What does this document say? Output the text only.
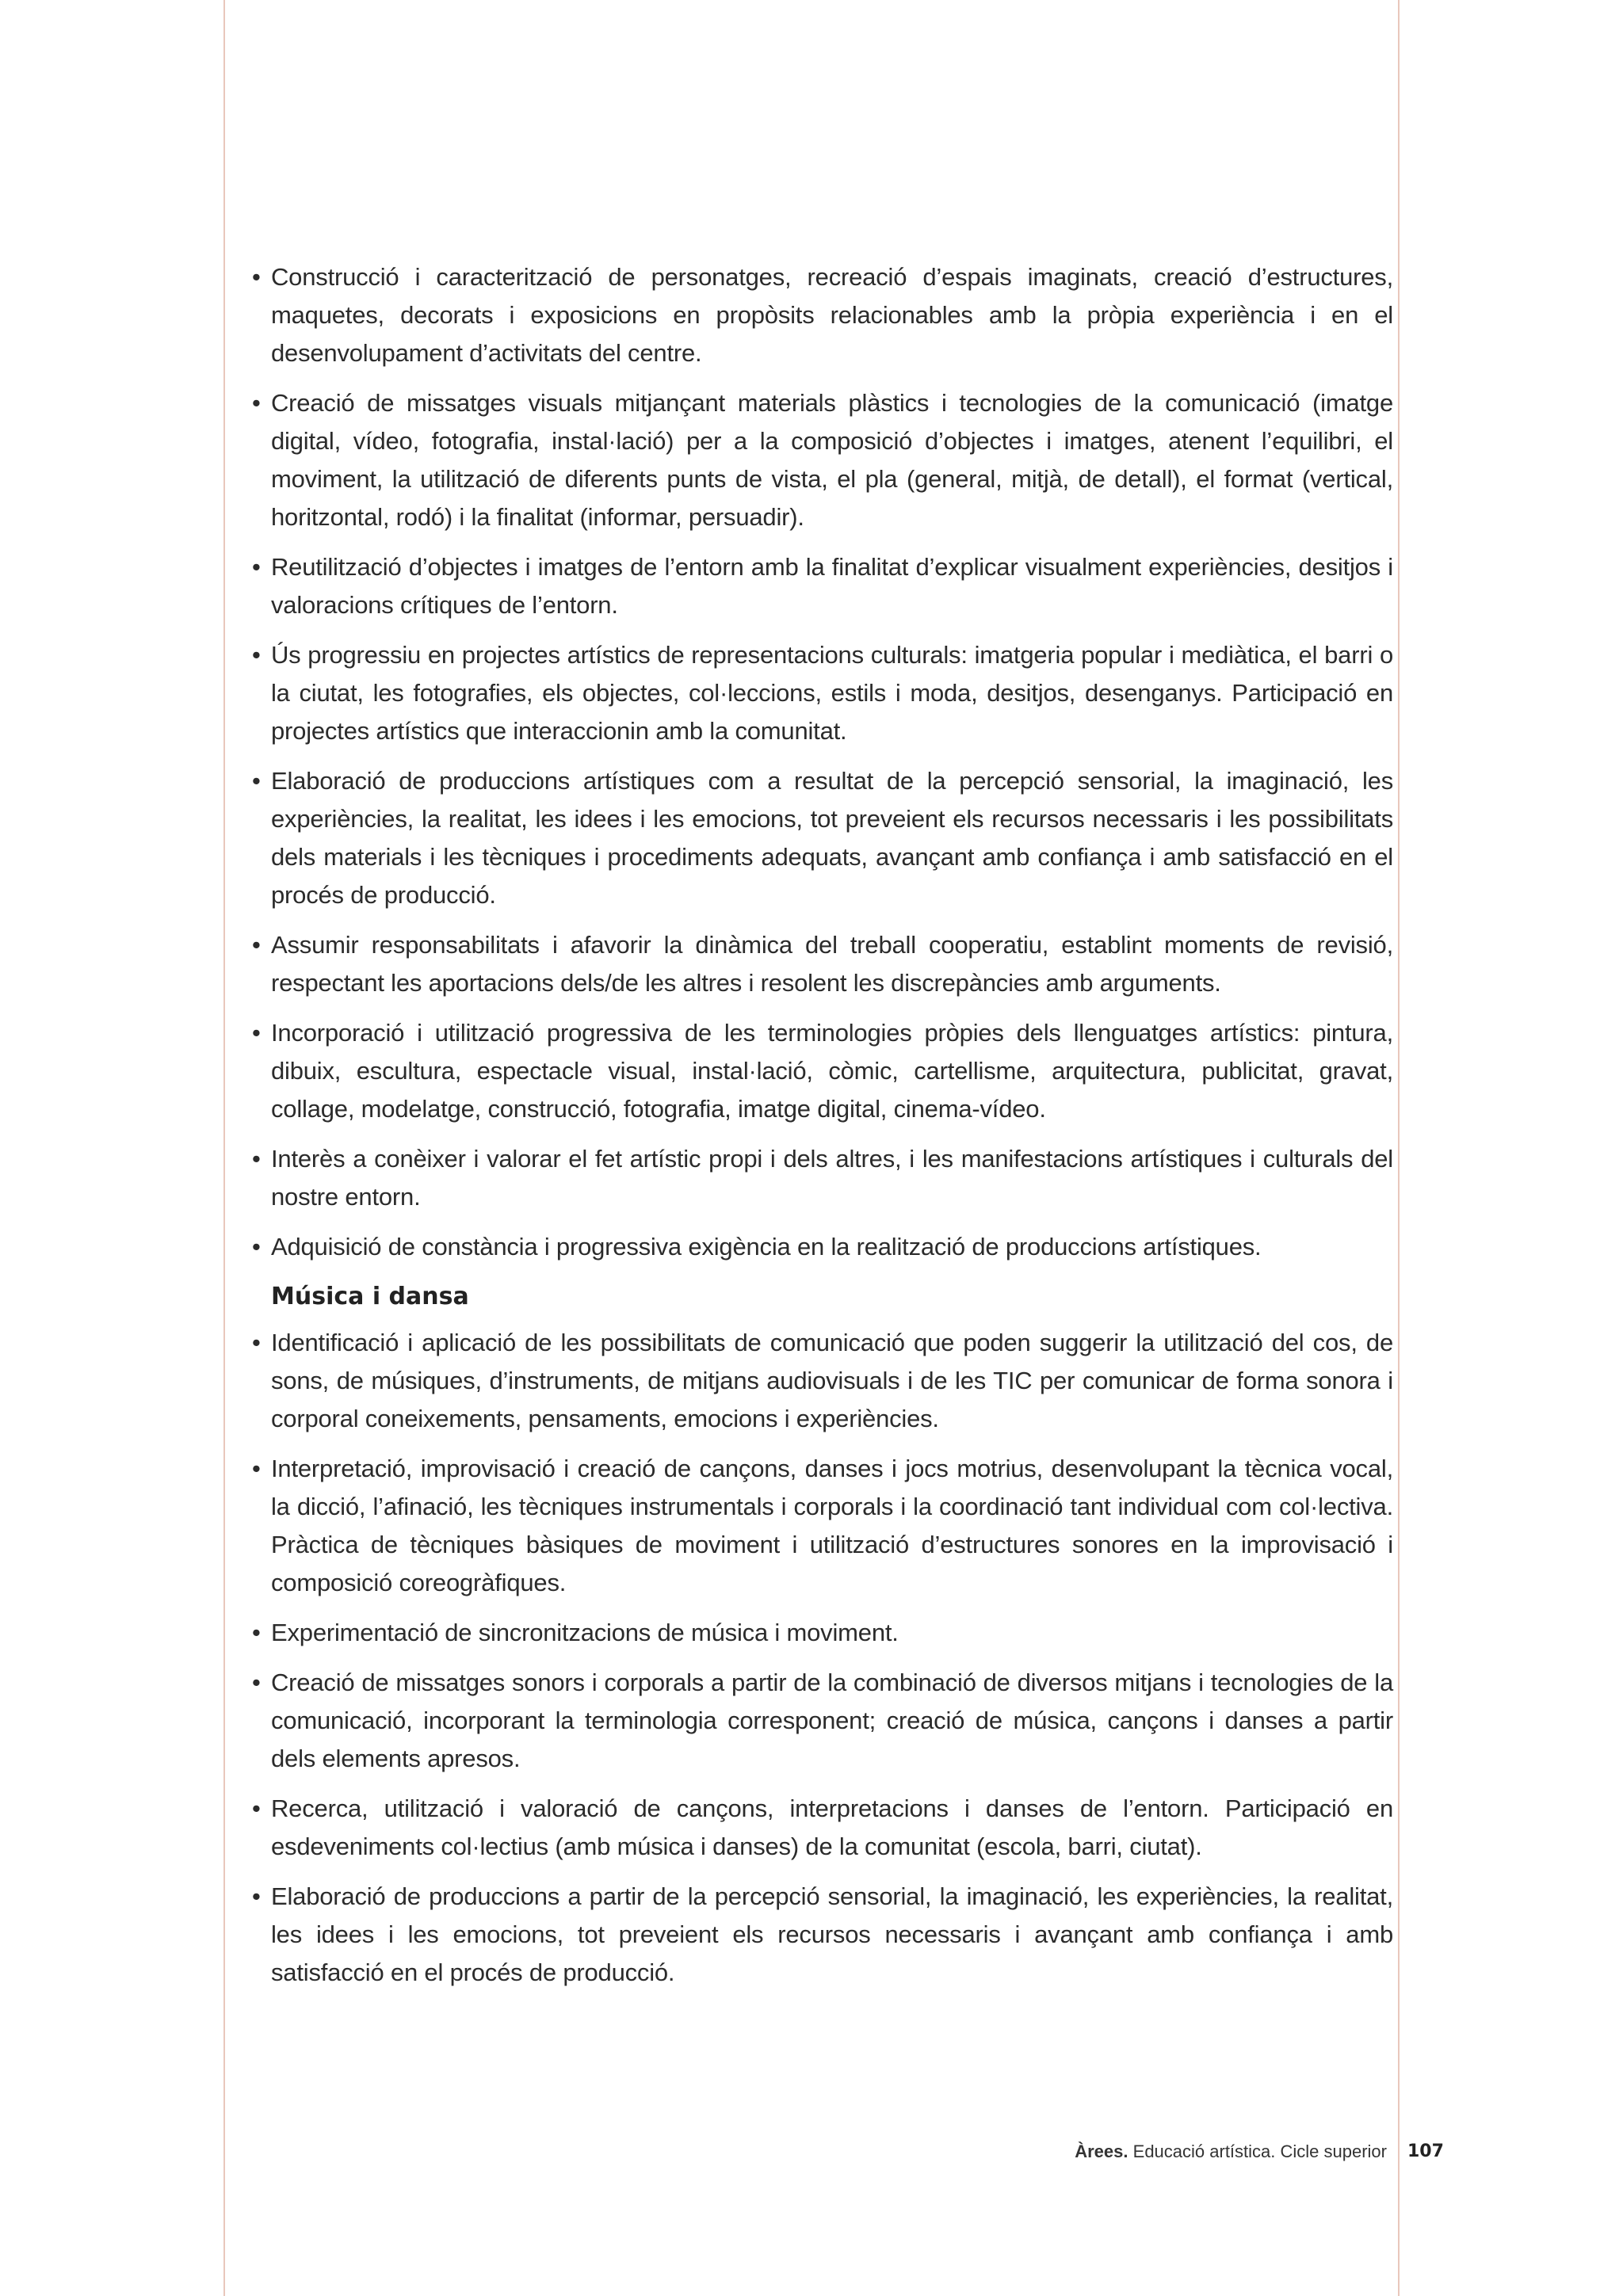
• Construcció i caracterització de personatges, recreació d’espais imaginats, creació d’estructures, maquetes, decorats i exposicions en propòsits relacionables amb la pròpia experiència i en el desenvolupament d’activitats del centre.
• Creació de missatges visuals mitjançant materials plàstics i tecnologies de la comunicació (imatge digital, vídeo, fotografia, instal·lació) per a la composició d’objectes i imatges, atenent l’equilibri, el moviment, la utilització de diferents punts de vista, el pla (general, mitjà, de detall), el format (vertical, horitzontal, rodó) i la finalitat (informar, persuadir).
• Reutilització d’objectes i imatges de l’entorn amb la finalitat d’explicar visualment experiències, desitjos i valoracions crítiques de l’entorn.
• Ús progressiu en projectes artístics de representacions culturals: imatgeria popular i mediàtica, el barri o la ciutat, les fotografies, els objectes, col·leccions, estils i moda, desitjos, desenganys. Participació en projectes artístics que interaccionin amb la comunitat.
• Elaboració de produccions artístiques com a resultat de la percepció sensorial, la imaginació, les experiències, la realitat, les idees i les emocions, tot preveient els recursos necessaris i les possibilitats dels materials i les tècniques i procediments adequats, avançant amb confiança i amb satisfacció en el procés de producció.
• Assumir responsabilitats i afavorir la dinàmica del treball cooperatiu, establint moments de revisió, respectant les aportacions dels/de les altres i resolent les discrepàncies amb arguments.
• Incorporació i utilització progressiva de les terminologies pròpies dels llenguatges artístics: pintura, dibuix, escultura, espectacle visual, instal·lació, còmic, cartellisme, arquitectura, publicitat, gravat, collage, modelatge, construcció, fotografia, imatge digital, cinema-vídeo.
• Interès a conèixer i valorar el fet artístic propi i dels altres, i les manifestacions artístiques i culturals del nostre entorn.
• Adquisició de constància i progressiva exigència en la realització de produccions artístiques.
Música i dansa
• Identificació i aplicació de les possibilitats de comunicació que poden suggerir la utilització del cos, de sons, de músiques, d’instruments, de mitjans audiovisuals i de les TIC per comunicar de forma sonora i corporal coneixements, pensaments, emocions i experiències.
• Interpretació, improvisació i creació de cançons, danses i jocs motrius, desenvolupant la tècnica vocal, la dicció, l’afinació, les tècniques instrumentals i corporals i la coordinació tant individual com col·lectiva. Pràctica de tècniques bàsiques de moviment i utilització d’estructures sonores en la improvisació i composició coreogràfiques.
• Experimentació de sincronitzacions de música i moviment.
• Creació de missatges sonors i corporals a partir de la combinació de diversos mitjans i tecnologies de la comunicació, incorporant la terminologia corresponent; creació de música, cançons i danses a partir dels elements apresos.
• Recerca, utilització i valoració de cançons, interpretacions i danses de l’entorn. Participació en esdeveniments col·lectius (amb música i danses) de la comunitat (escola, barri, ciutat).
• Elaboració de produccions a partir de la percepció sensorial, la imaginació, les experiències, la realitat, les idees i les emocions, tot preveient els recursos necessaris i avançant amb confiança i amb satisfacció en el procés de producció.
Àrees. Educació artística. Cicle superior 107
